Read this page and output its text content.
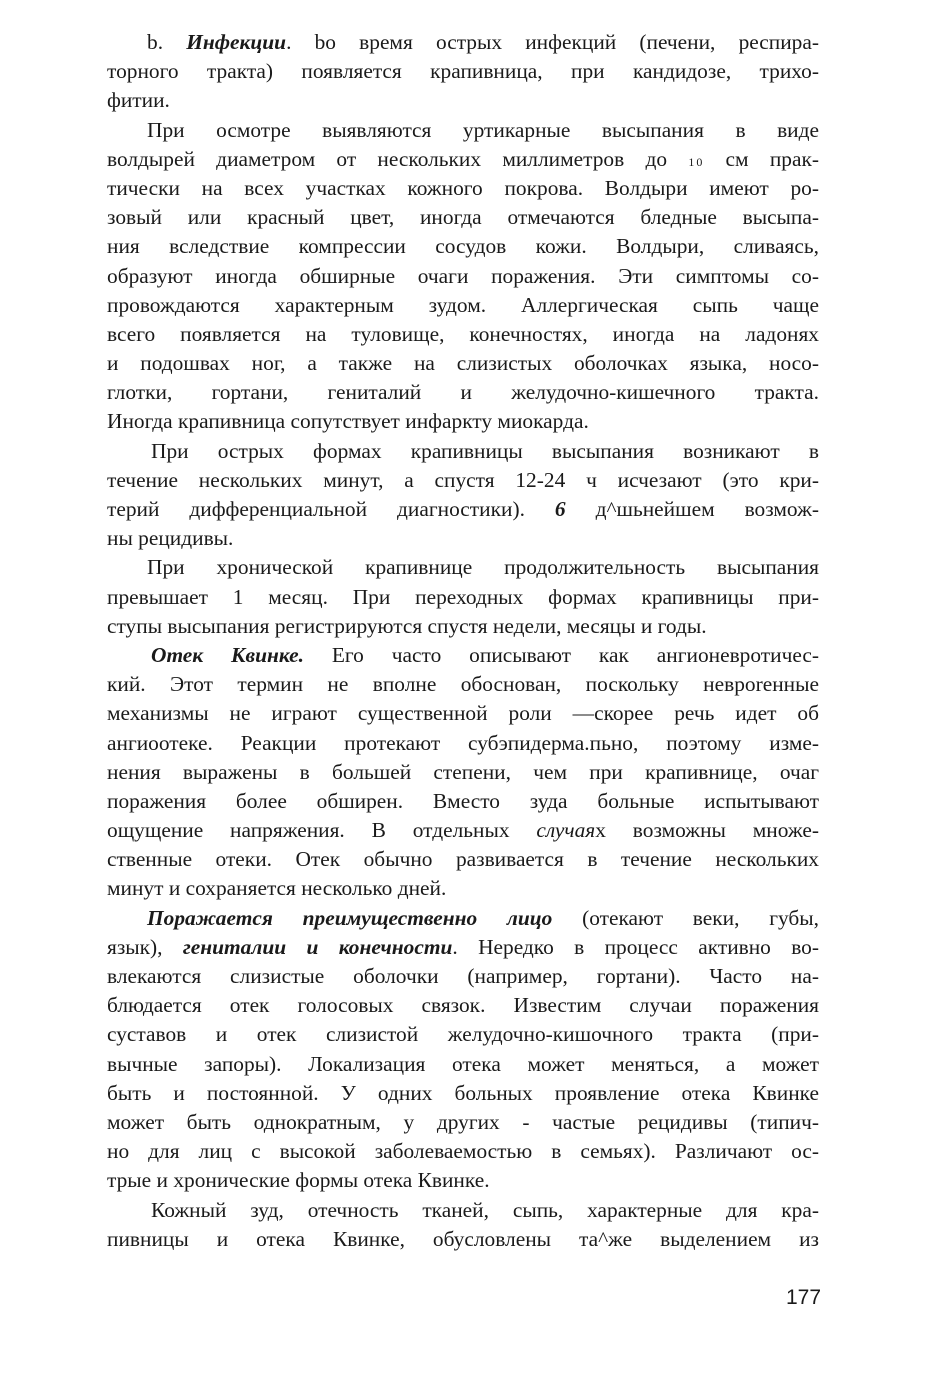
b. Инфекции. bо время острых инфекций (печени, респира-
торного тракта) появляется крапивница, при кандидозе, трихо-
фитии.
При осмотре выявляются уртикарные высыпания в виде
волдырей диаметром от нескольких миллиметров до 10 см прак-
тически на всех участках кожного покрова. Волдыри имеют ро-
зовый или красный цвет, иногда отмечаются бледные высыпа-
ния вследствие компрессии сосудов кожи. Волдыри, сливаясь,
образуют иногда обширные очаги поражения. Эти симптомы со-
провождаются характерным зудом. Аллергическая сыпь чаще
всего появляется на туловище, конечностях, иногда на ладонях
и подошвах ног, а также на слизистых оболочках языка, носо-
глотки, гортани, гениталий и желудочно-кишечного тракта.
Иногда крапивница сопутствует инфаркту миокарда.
При острых формах крапивницы высыпания возникают в
течение нескольких минут, а спустя 12-24 ч исчезают (это кри-
терий дифференциальной диагностики). 6 д^шьнейшем возмож-
ны рецидивы.
При хронической крапивнице продолжительность высыпания
превышает 1 месяц. При переходных формах крапивницы при-
ступы высыпания регистрируются спустя недели, месяцы и годы.
Отек Квинке. Его часто описывают как ангионевротичес-
кий. Этот термин не вполне обоснован, поскольку невроrенные
механизмы не играют существенной роли —скорее речь идет об
ангиоотеке. Реакции протекают субэпидерма.пьно, поэтому изме-
нения выражены в большей степени, чем при крапивнице, очаг
поражения более обширен. Вместо зуда больные испытывают
ощущение напряжения. В отдельных случаях возможны множе-
ственные отеки. Отек обычно развивается в течение нескольких
минут и сохраняется несколько дней.
Поражается преимущественно лицо (отекают веки, губы,
язык), гениталии и конечности. Нередко в процесс активно во-
влекаются слизистые оболочки (например, гортани). Часто на-
блюдается отек голосовых связок. Известим случаи поражения
суставов и отек слизистой желудочно-кишочного тракта (при-
вычные запоры). Локализация отека может меняться, а может
быть и постоянной. У одних больных проявление отека Квинке
может быть однократным, у других - частые рецидивы (типич-
но для лиц с высокой заболеваемостью в семьях). Различают ос-
трые и хронические формы отека Квинке.
Кожный зуд, отечность тканей, сыпь, характерные для кра-
пивницы и отека Квинке, обусловлены та^же выделением из
177
